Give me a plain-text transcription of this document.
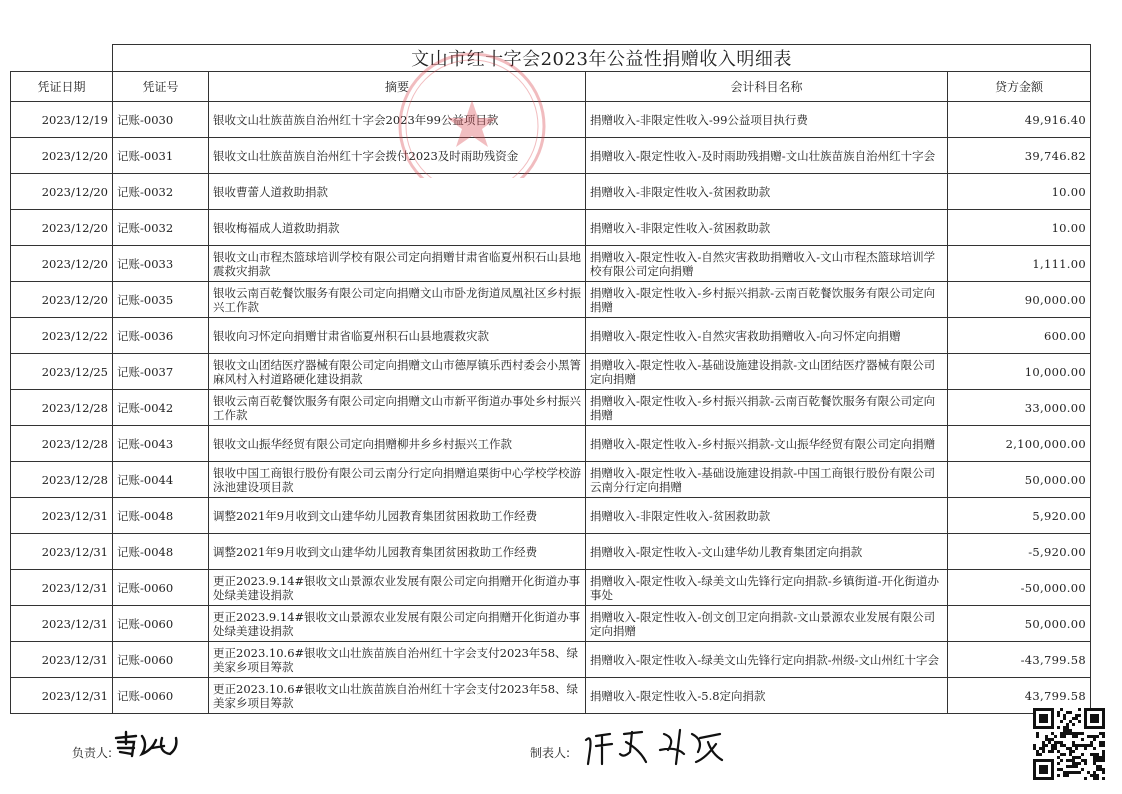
	文山市红十字会2023年公益性捐赠收入明细表			
凭证日期	凭证号	摘要	会计科目名称	贷方金额
2023/12/19	记账-0030	银收文山壮族苗族自治州红十字会2023年99公益项目款	捐赠收入-非限定性收入-99公益项目执行费	49,916.40
2023/12/20	记账-0031	银收文山壮族苗族自治州红十字会拨付2023及时雨助残资金	捐赠收入-限定性收入-及时雨助残捐赠-文山壮族苗族自治州红十字会	39,746.82
2023/12/20	记账-0032	银收曹蕾人道救助捐款	捐赠收入-非限定性收入-贫困救助款	10.00
2023/12/20	记账-0032	银收梅福成人道救助捐款	捐赠收入-非限定性收入-贫困救助款	10.00
2023/12/20	记账-0033	银收文山市程杰篮球培训学校有限公司定向捐赠甘肃省临夏州积石山县地震救灾捐款	捐赠收入-限定性收入-自然灾害救助捐赠收入-文山市程杰篮球培训学校有限公司定向捐赠	1,111.00
2023/12/20	记账-0035	银收云南百乾餐饮服务有限公司定向捐赠文山市卧龙街道凤凰社区乡村振兴工作款	捐赠收入-限定性收入-乡村振兴捐款-云南百乾餐饮服务有限公司定向捐赠	90,000.00
2023/12/22	记账-0036	银收向习怀定向捐赠甘肃省临夏州积石山县地震救灾款	捐赠收入-限定性收入-自然灾害救助捐赠收入-向习怀定向捐赠	600.00
2023/12/25	记账-0037	银收文山团结医疗器械有限公司定向捐赠文山市德厚镇乐西村委会小黑箐麻风村入村道路硬化建设捐款	捐赠收入-限定性收入-基础设施建设捐款-文山团结医疗器械有限公司定向捐赠	10,000.00
2023/12/28	记账-0042	银收云南百乾餐饮服务有限公司定向捐赠文山市新平街道办事处乡村振兴工作款	捐赠收入-限定性收入-乡村振兴捐款-云南百乾餐饮服务有限公司定向捐赠	33,000.00
2023/12/28	记账-0043	银收文山振华经贸有限公司定向捐赠柳井乡乡村振兴工作款	捐赠收入-限定性收入-乡村振兴捐款-文山振华经贸有限公司定向捐赠	2,100,000.00
2023/12/28	记账-0044	银收中国工商银行股份有限公司云南分行定向捐赠追栗街中心学校学校游泳池建设项目款	捐赠收入-限定性收入-基础设施建设捐款-中国工商银行股份有限公司云南分行定向捐赠	50,000.00
2023/12/31	记账-0048	调整2021年9月收到文山建华幼儿园教育集团贫困救助工作经费	捐赠收入-非限定性收入-贫困救助款	5,920.00
2023/12/31	记账-0048	调整2021年9月收到文山建华幼儿园教育集团贫困救助工作经费	捐赠收入-限定性收入-文山建华幼儿教育集团定向捐款	-5,920.00
2023/12/31	记账-0060	更正2023.9.14#银收文山景源农业发展有限公司定向捐赠开化街道办事处绿美建设捐款	捐赠收入-限定性收入-绿美文山先锋行定向捐款-乡镇街道-开化街道办事处	-50,000.00
2023/12/31	记账-0060	更正2023.9.14#银收文山景源农业发展有限公司定向捐赠开化街道办事处绿美建设捐款	捐赠收入-限定性收入-创文创卫定向捐款-文山景源农业发展有限公司定向捐赠	50,000.00
2023/12/31	记账-0060	更正2023.10.6#银收文山壮族苗族自治州红十字会支付2023年58、绿美家乡项目筹款	捐赠收入-限定性收入-绿美文山先锋行定向捐款-州级-文山州红十字会	-43,799.58
2023/12/31	记账-0060	更正2023.10.6#银收文山壮族苗族自治州红十字会支付2023年58、绿美家乡项目筹款	捐赠收入-限定性收入-5.8定向捐款	43,799.58
负责人:	制表人:
